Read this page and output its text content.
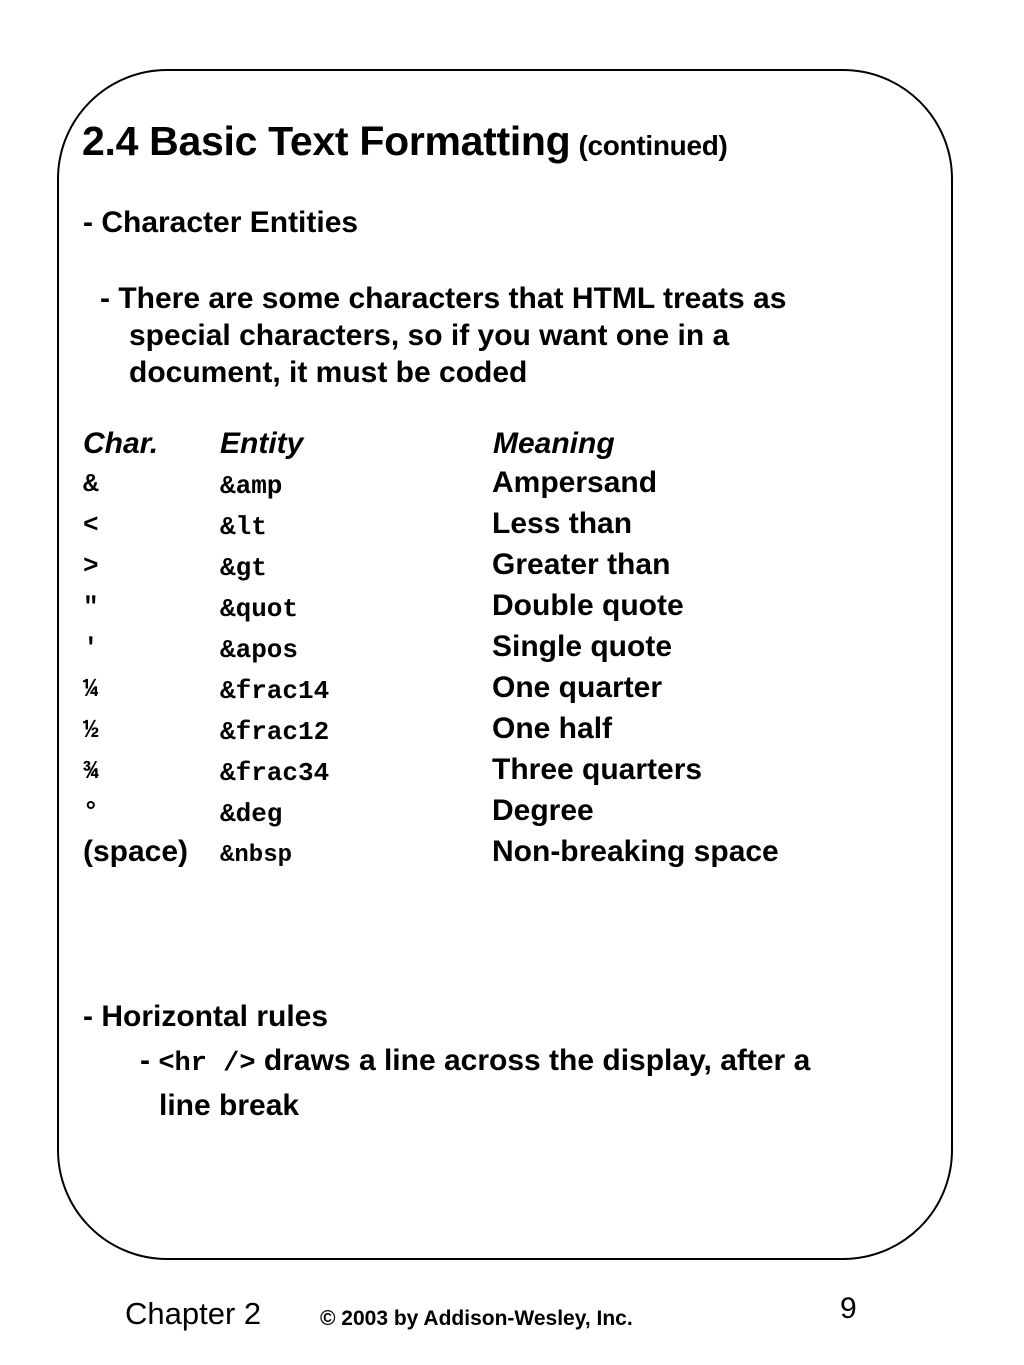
2.4 Basic Text Formatting (continued)
- Character Entities
- There are some characters that HTML treats as
special characters, so if you want one in a
document, it must be coded
Char. Entity	Meaning
&	&amp	Ampersand
<	&lt	Less than
>	&gt	Greater than
"	&quot	Double quote
'	&apos	Single quote
¼	&frac14	One quarter
½	&frac12	One half
¾	&frac34	Three quarters
°	&deg	Degree
(space) &nbsp	Non-breaking space
- Horizontal rules
- <hr /> draws a line across the display, after a
line break
Chapter 2	© 2003 by Addison-Wesley, Inc.	9
